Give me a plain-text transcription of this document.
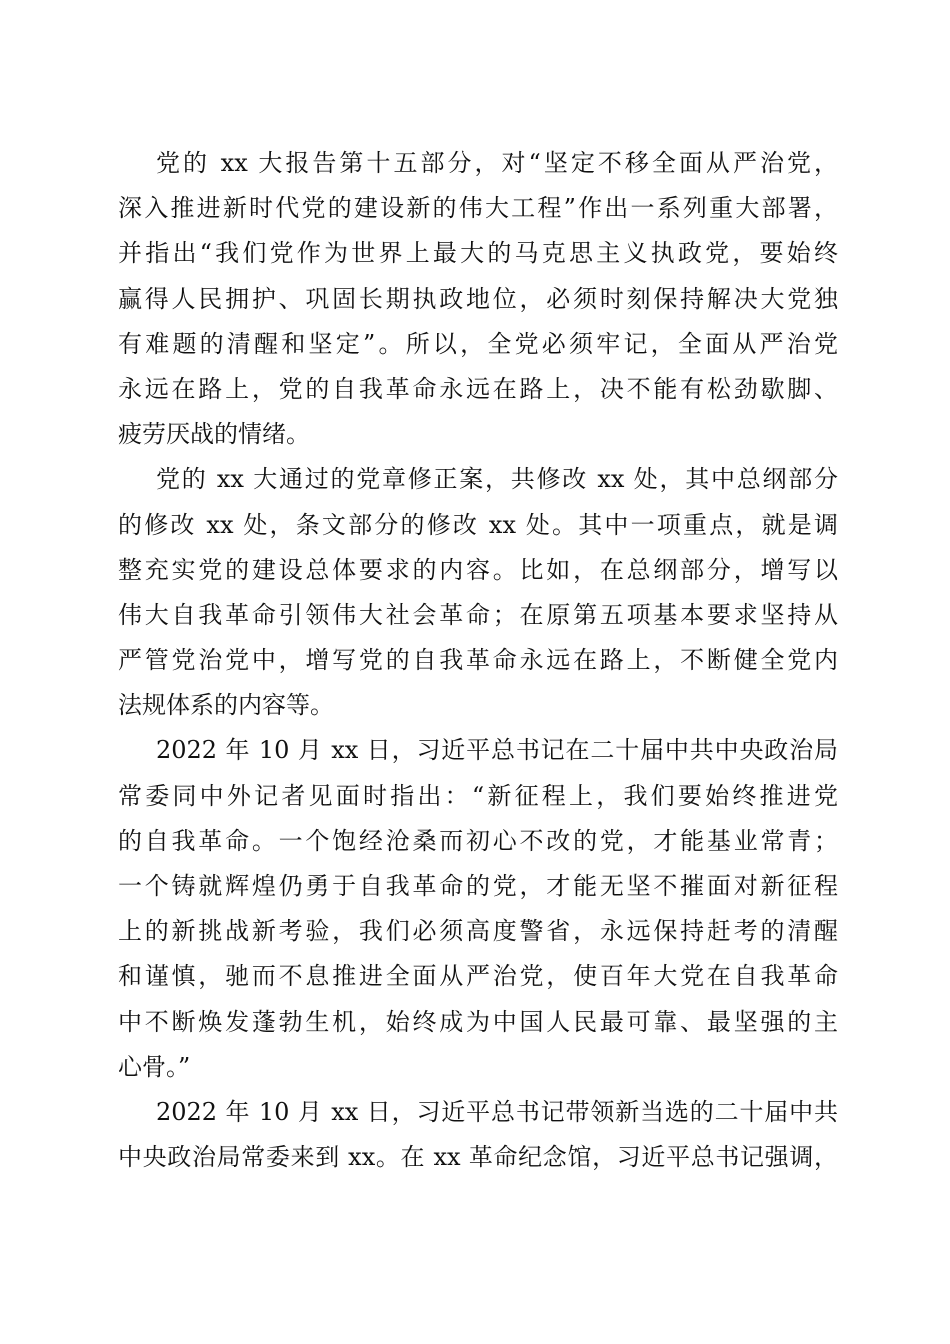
党的 xx 大报告第十五部分，对“坚定不移全面从严治党，
深入推进新时代党的建设新的伟大工程”作出一系列重大部署，
并指出“我们党作为世界上最大的马克思主义执政党，要始终
赢得人民拥护、巩固长期执政地位，必须时刻保持解决大党独
有难题的清醒和坚定”。所以，全党必须牢记，全面从严治党
永远在路上，党的自我革命永远在路上，决不能有松劲歇脚、
疲劳厌战的情绪。
党的 xx 大通过的党章修正案，共修改 xx 处，其中总纲部分
的修改 xx 处，条文部分的修改 xx 处。其中一项重点，就是调
整充实党的建设总体要求的内容。比如，在总纲部分，增写以
伟大自我革命引领伟大社会革命；在原第五项基本要求坚持从
严管党治党中，增写党的自我革命永远在路上，不断健全党内
法规体系的内容等。
2022 年 10 月 xx 日，习近平总书记在二十届中共中央政治局
常委同中外记者见面时指出：“新征程上，我们要始终推进党
的自我革命。一个饱经沧桑而初心不改的党，才能基业常青；
一个铸就辉煌仍勇于自我革命的党，才能无坚不摧面对新征程
上的新挑战新考验，我们必须高度警省，永远保持赶考的清醒
和谨慎，驰而不息推进全面从严治党，使百年大党在自我革命
中不断焕发蓬勃生机，始终成为中国人民最可靠、最坚强的主
心骨。”
2022 年 10 月 xx 日，习近平总书记带领新当选的二十届中共
中央政治局常委来到 xx。在 xx 革命纪念馆，习近平总书记强调，
